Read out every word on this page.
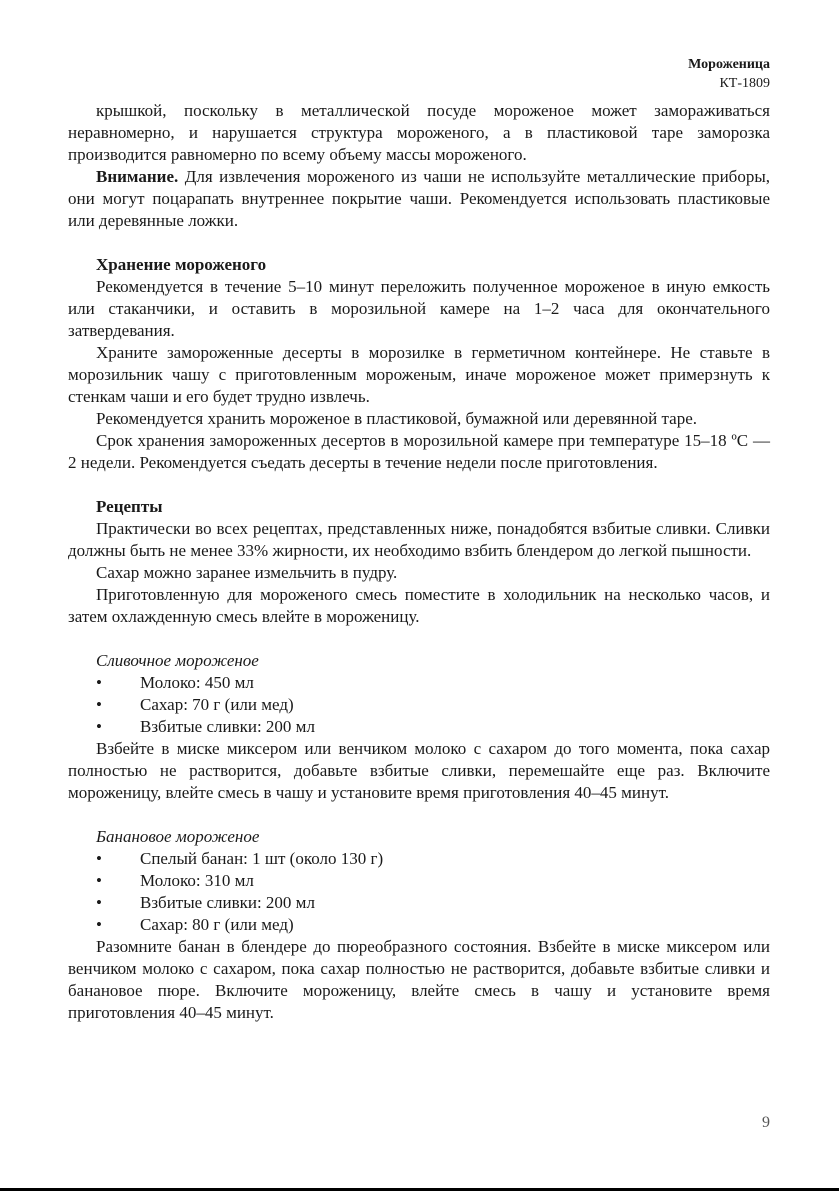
Мороженица
КТ-1809

крышкой, поскольку в металлической посуде мороженое может замораживаться неравномерно, и нарушается структура мороженого, а в пластиковой таре заморозка производится равномерно по всему объему массы мороженого.

Внимание. Для извлечения мороженого из чаши не используйте металлические приборы, они могут поцарапать внутреннее покрытие чаши. Рекомендуется использовать пластиковые или деревянные ложки.

Хранение мороженого

Рекомендуется в течение 5–10 минут переложить полученное мороженое в иную емкость или стаканчики, и оставить в морозильной камере на 1–2 часа для окончательного затвердевания.

Храните замороженные десерты в морозилке в герметичном контейнере. Не ставьте в морозильник чашу с приготовленным мороженым, иначе мороженое может примерзнуть к стенкам чаши и его будет трудно извлечь.

Рекомендуется хранить мороженое в пластиковой, бумажной или деревянной таре.

Срок хранения замороженных десертов в морозильной камере при температуре 15–18 ºС — 2 недели. Рекомендуется съедать десерты в течение недели после приготовления.

Рецепты

Практически во всех рецептах, представленных ниже, понадобятся взбитые сливки. Сливки должны быть не менее 33% жирности, их необходимо взбить блендером до легкой пышности.

Сахар можно заранее измельчить в пудру.

Приготовленную для мороженого смесь поместите в холодильник на несколько часов, и затем охлажденную смесь влейте в мороженицу.

Сливочное мороженое
• Молоко: 450 мл
• Сахар: 70 г (или мед)
• Взбитые сливки: 200 мл

Взбейте в миске миксером или венчиком молоко с сахаром до того момента, пока сахар полностью не растворится, добавьте взбитые сливки, перемешайте еще раз. Включите мороженицу, влейте смесь в чашу и установите время приготовления 40–45 минут.

Банановое мороженое
• Спелый банан: 1 шт (около 130 г)
• Молоко: 310 мл
• Взбитые сливки: 200 мл
• Сахар: 80 г (или мед)

Разомните банан в блендере до пюреобразного состояния. Взбейте в миске миксером или венчиком молоко с сахаром, пока сахар полностью не растворится, добавьте взбитые сливки и банановое пюре. Включите мороженицу, влейте смесь в чашу и установите время приготовления 40–45 минут.

9
